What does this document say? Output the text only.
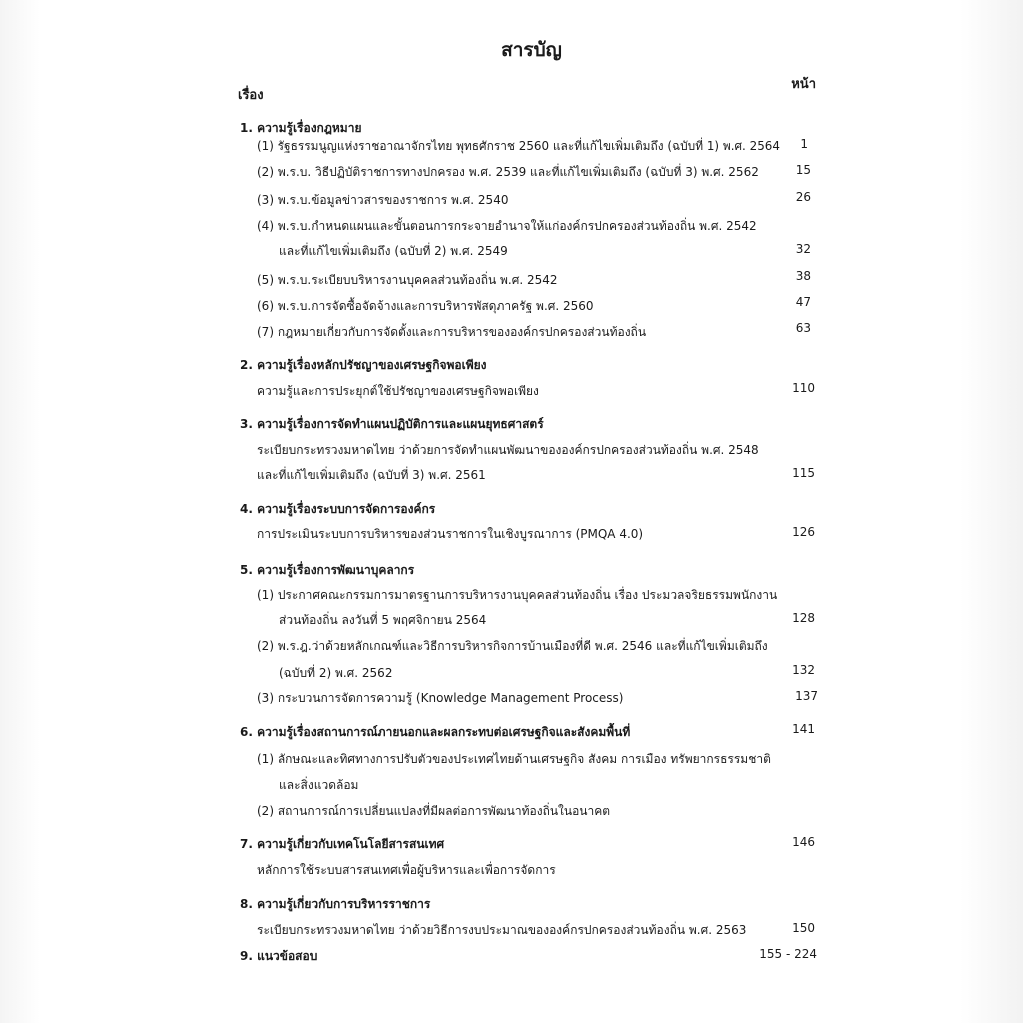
สารบัญ
เรื่อง
หน้า
1. ความรู้เรื่องกฎหมาย
(1) รัฐธรรมนูญแห่งราชอาณาจักรไทย พุทธศักราช 2560 และที่แก้ไขเพิ่มเติมถึง (ฉบับที่ 1) พ.ศ. 2564 1
(2) พ.ร.บ. วิธีปฏิบัติราชการทางปกครอง พ.ศ. 2539 และที่แก้ไขเพิ่มเติมถึง (ฉบับที่ 3) พ.ศ. 2562	15
(3) พ.ร.บ.ข้อมูลข่าวสารของราชการ พ.ศ. 2540	26
(4) พ.ร.บ.กำหนดแผนและขั้นตอนการกระจายอำนาจให้แก่องค์กรปกครองส่วนท้องถิ่น พ.ศ. 2542
และที่แก้ไขเพิ่มเติมถึง (ฉบับที่ 2) พ.ศ. 2549	32
(5) พ.ร.บ.ระเบียบบริหารงานบุคคลส่วนท้องถิ่น พ.ศ. 2542	38
(6) พ.ร.บ.การจัดซื้อจัดจ้างและการบริหารพัสดุภาครัฐ พ.ศ. 2560	47
(7) กฎหมายเกี่ยวกับการจัดตั้งและการบริหารขององค์กรปกครองส่วนท้องถิ่น	63
2. ความรู้เรื่องหลักปรัชญาของเศรษฐกิจพอเพียง
ความรู้และการประยุกต์ใช้ปรัชญาของเศรษฐกิจพอเพียง	110
3. ความรู้เรื่องการจัดทำแผนปฏิบัติการและแผนยุทธศาสตร์
ระเบียบกระทรวงมหาดไทย ว่าด้วยการจัดทำแผนพัฒนาขององค์กรปกครองส่วนท้องถิ่น พ.ศ. 2548
และที่แก้ไขเพิ่มเติมถึง (ฉบับที่ 3) พ.ศ. 2561	115
4. ความรู้เรื่องระบบการจัดการองค์กร
การประเมินระบบการบริหารของส่วนราชการในเชิงบูรณาการ (PMQA 4.0)	126
5. ความรู้เรื่องการพัฒนาบุคลากร
(1) ประกาศคณะกรรมการมาตรฐานการบริหารงานบุคคลส่วนท้องถิ่น เรื่อง ประมวลจริยธรรมพนักงาน
ส่วนท้องถิ่น ลงวันที่ 5 พฤศจิกายน 2564	128
(2) พ.ร.ฎ.ว่าด้วยหลักเกณฑ์และวิธีการบริหารกิจการบ้านเมืองที่ดี พ.ศ. 2546 และที่แก้ไขเพิ่มเติมถึง
(ฉบับที่ 2) พ.ศ. 2562	132
(3) กระบวนการจัดการความรู้ (Knowledge Management Process)	137
6. ความรู้เรื่องสถานการณ์ภายนอกและผลกระทบต่อเศรษฐกิจและสังคมพื้นที่	141
(1) ลักษณะและทิศทางการปรับตัวของประเทศไทยด้านเศรษฐกิจ สังคม การเมือง ทรัพยากรธรรมชาติ
และสิ่งแวดล้อม
(2) สถานการณ์การเปลี่ยนแปลงที่มีผลต่อการพัฒนาท้องถิ่นในอนาคต
7. ความรู้เกี่ยวกับเทคโนโลยีสารสนเทศ	146
หลักการใช้ระบบสารสนเทศเพื่อผู้บริหารและเพื่อการจัดการ
8. ความรู้เกี่ยวกับการบริหารราชการ
ระเบียบกระทรวงมหาดไทย ว่าด้วยวิธีการงบประมาณขององค์กรปกครองส่วนท้องถิ่น พ.ศ. 2563	150
9. แนวข้อสอบ	155 - 224
